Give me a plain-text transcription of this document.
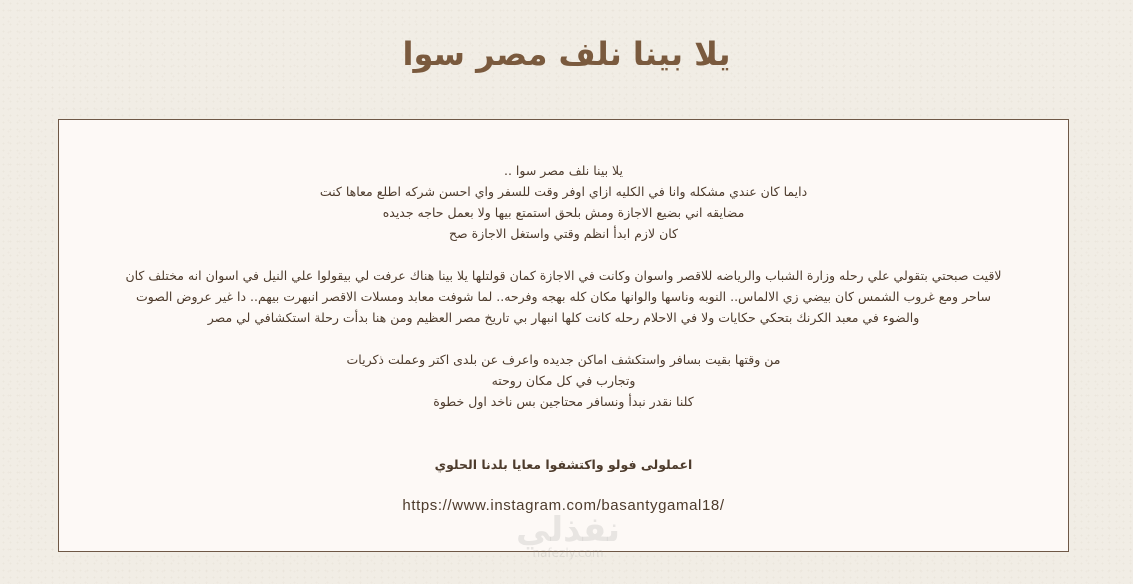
يلا بينا نلف مصر سوا

يلا بينا نلف مصر سوا ..
دايما كان عندي مشكله وانا في الكليه ازاي اوفر وقت للسفر واي احسن شركه اطلع معاها كنت
مضايقه اني بضيع الاجازة ومش بلحق استمتع بيها ولا بعمل حاجه جديده
كان لازم ابدأ انظم وقتي واستغل الاجازة صح

لاقيت صبحتي بتقولي علي رحله وزارة الشباب والرياضه للاقصر واسوان وكانت في الاجازة كمان قولتلها يلا بينا هناك عرفت لي بيقولوا علي النيل في اسوان انه مختلف كان
ساحر ومع غروب الشمس كان بيضي زي الالماس.. النوبه وناسها والوانها مكان كله بهجه وفرحه.. لما شوفت معابد ومسلات الاقصر انبهرت بيهم.. دا غير عروض الصوت
والضوء في معبد الكرنك بتحكي حكايات ولا في الاحلام رحله كانت كلها انبهار بي تاريخ مصر العظيم ومن هنا بدأت رحلة استكشافي لي مصر

من وقتها بقيت بسافر واستكشف اماكن جديده واعرف عن بلدى اكتر وعملت ذكريات
وتجارب في كل مكان روحته
كلنا نقدر نبدأ ونسافر محتاجين بس ناخد اول خطوة

اعملولى فولو واكتشفوا معايا بلدنا الحلوي

https://www.instagram.com/basantygamal18/
nafezly.com
